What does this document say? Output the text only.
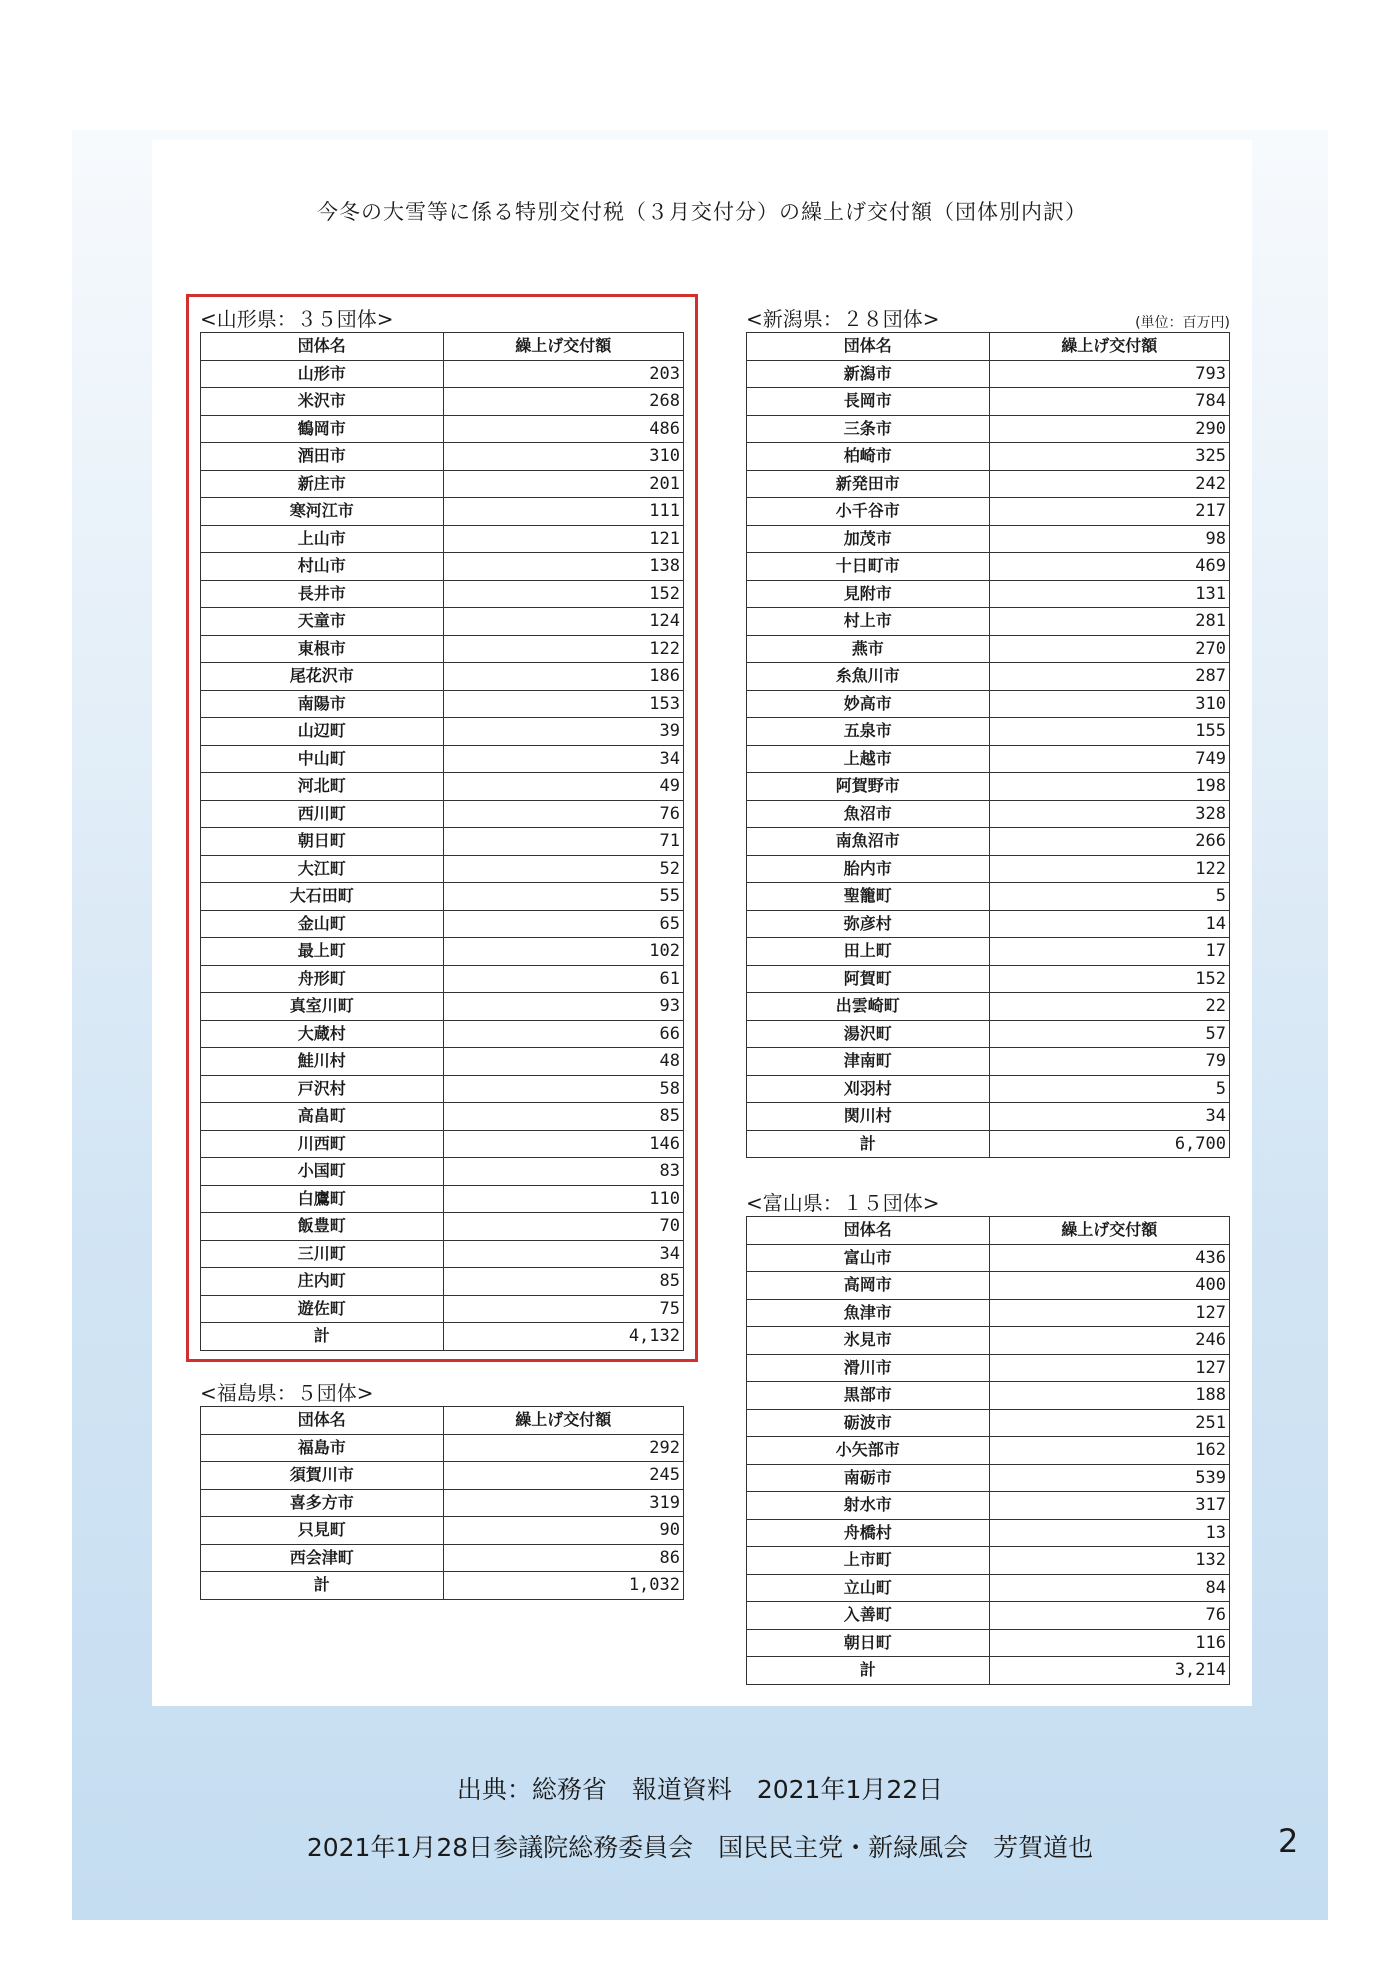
今冬の大雪等に係る特別交付税（３月交付分）の繰上げ交付額（団体別内訳）
<山形県：３５団体>
団体名	繰上げ交付額
山形市	203
米沢市	268
鶴岡市	486
酒田市	310
新庄市	201
寒河江市	111
上山市	121
村山市	138
長井市	152
天童市	124
東根市	122
尾花沢市	186
南陽市	153
山辺町	39
中山町	34
河北町	49
西川町	76
朝日町	71
大江町	52
大石田町	55
金山町	65
最上町	102
舟形町	61
真室川町	93
大蔵村	66
鮭川村	48
戸沢村	58
高畠町	85
川西町	146
小国町	83
白鷹町	110
飯豊町	70
三川町	34
庄内町	85
遊佐町	75
計	4,132
<福島県：５団体>
団体名	繰上げ交付額
福島市	292
須賀川市	245
喜多方市	319
只見町	90
西会津町	86
計	1,032
<新潟県：２８団体>	(単位：百万円)
団体名	繰上げ交付額
新潟市	793
長岡市	784
三条市	290
柏崎市	325
新発田市	242
小千谷市	217
加茂市	98
十日町市	469
見附市	131
村上市	281
燕市	270
糸魚川市	287
妙高市	310
五泉市	155
上越市	749
阿賀野市	198
魚沼市	328
南魚沼市	266
胎内市	122
聖籠町	5
弥彦村	14
田上町	17
阿賀町	152
出雲崎町	22
湯沢町	57
津南町	79
刈羽村	5
関川村	34
計	6,700
<富山県：１５団体>
団体名	繰上げ交付額
富山市	436
高岡市	400
魚津市	127
氷見市	246
滑川市	127
黒部市	188
砺波市	251
小矢部市	162
南砺市	539
射水市	317
舟橋村	13
上市町	132
立山町	84
入善町	76
朝日町	116
計	3,214
出典：総務省　報道資料　2021年1月22日
2021年1月28日参議院総務委員会　国民民主党・新緑風会　芳賀道也	2
